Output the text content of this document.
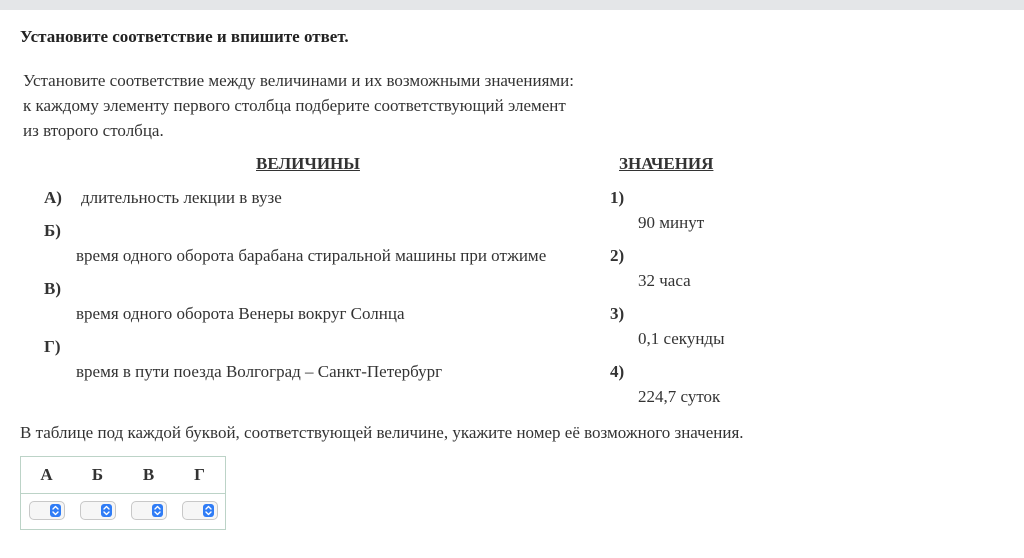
Установите соответствие и впишите ответ.
Установите соответствие между величинами и их возможными значениями:
к каждому элементу первого столбца подберите соответствующий элемент
из второго столбца.
ВЕЛИЧИНЫ	ЗНАЧЕНИЯ
А) длительность лекции в вузе
Б)
время одного оборота барабана стиральной машины при отжиме
В)
время одного оборота Венеры вокруг Солнца
Г)
время в пути поезда Волгоград – Санкт-Петербург
1)
90 минут
2)
32 часа
3)
0,1 секунды
4)
224,7 суток
В таблице под каждой буквой, соответствующей величине, укажите номер её возможного значения.
А	Б	В	Г
